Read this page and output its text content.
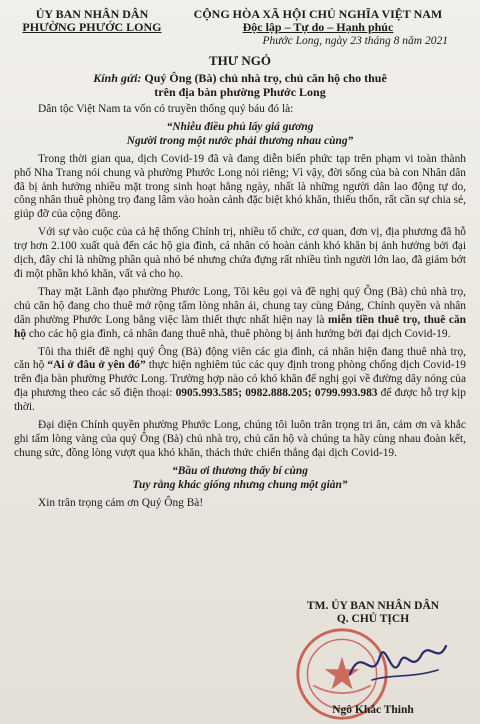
ỦY BAN NHÂN DÂN
PHƯỜNG PHƯỚC LONG
CỘNG HÒA XÃ HỘI CHỦ NGHĨA VIỆT NAM
Độc lập – Tự do – Hạnh phúc
Phước Long, ngày 23 tháng 8 năm 2021
THƯ NGỎ
Kính gửi: Quý Ông (Bà) chủ nhà trọ, chủ căn hộ cho thuê
trên địa bàn phường Phước Long

Dân tộc Việt Nam ta vốn có truyền thống quý báu đó là:

“Nhiễu điều phủ lấy giá gương
Người trong một nước phải thương nhau cùng”

Trong thời gian qua, dịch Covid-19 đã và đang diễn biến phức tạp trên phạm vi toàn thành phố Nha Trang nói chung và phường Phước Long nói riêng; Vì vậy, đời sống của bà con Nhân dân đã bị ảnh hưởng nhiều mặt trong sinh hoạt hằng ngày, nhất là những người dân lao động tự do, công nhân thuê phòng trọ đang lâm vào hoàn cảnh đặc biệt khó khăn, thiếu thốn, rất cần sự chia sẻ, giúp đỡ của cộng đồng.

Với sự vào cuộc của cả hệ thống Chính trị, nhiều tổ chức, cơ quan, đơn vị, địa phương đã hỗ trợ hơn 2.100 xuất quà đến các hộ gia đình, cá nhân có hoàn cảnh khó khăn bị ảnh hưởng bởi đại dịch, đây chỉ là những phần quà nhỏ bé nhưng chứa đựng rất nhiều tình người lớn lao, đã giảm bớt đi một phần khó khăn, vất vả cho họ.

Thay mặt Lãnh đạo phường Phước Long, Tôi kêu gọi và đề nghị quý Ông (Bà) chủ nhà trọ, chủ căn hộ đang cho thuê mở rộng tấm lòng nhân ái, chung tay cùng Đảng, Chính quyền và nhân dân phường Phước Long bằng việc làm thiết thực nhất hiện nay là miễn tiền thuê trọ, thuê căn hộ cho các hộ gia đình, cá nhân đang thuê nhà, thuê phòng bị ảnh hưởng bởi đại dịch Covid-19.

Tôi tha thiết đề nghị quý Ông (Bà) động viên các gia đình, cá nhân hiện đang thuê nhà trọ, căn hộ “Ai ở đâu ở yên đó” thực hiện nghiêm túc các quy định trong phòng chống dịch Covid-19 trên địa bàn phường Phước Long. Trường hợp nào có khó khăn để nghị gọi về đường dây nóng của địa phương theo các số điện thoại: 0905.993.585; 0982.888.205; 0799.993.983 để được hỗ trợ kịp thời.

Đại diện Chính quyền phường Phước Long, chúng tôi luôn trân trọng tri ân, cảm ơn và khắc ghi tấm lòng vàng của quý Ông (Bà) chủ nhà trọ, chủ căn hộ và chúng ta hãy cùng nhau đoàn kết, chung sức, đồng lòng vượt qua khó khăn, thách thức chiến thắng đại dịch Covid-19.

“Bầu ơi thương thấy bí cùng
Tuy rằng khác giống nhưng chung một giàn”

Xin trân trọng cám ơn Quý Ông Bà!

TM. ỦY BAN NHÂN DÂN
Q. CHỦ TỊCH
Ngô Khắc Thinh
